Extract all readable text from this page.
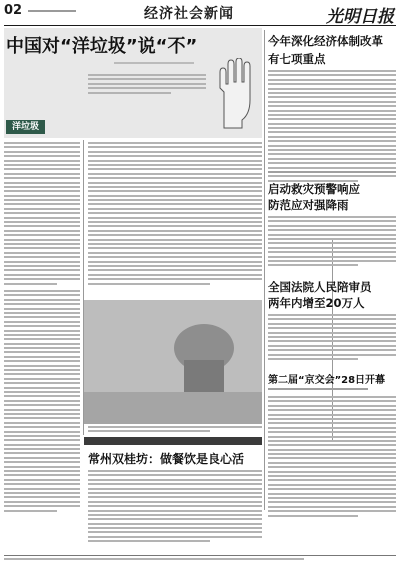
02	经济社会新闻	光明日报
中国对“洋垃圾”说“不”
洋垃圾
常州双桂坊：做餐饮是良心活
今年深化经济体制改革
有七项重点
启动救灾预警响应
防范应对强降雨
全国法院人民陪审员
两年内增至20万人
第二届“京交会”28日开幕
